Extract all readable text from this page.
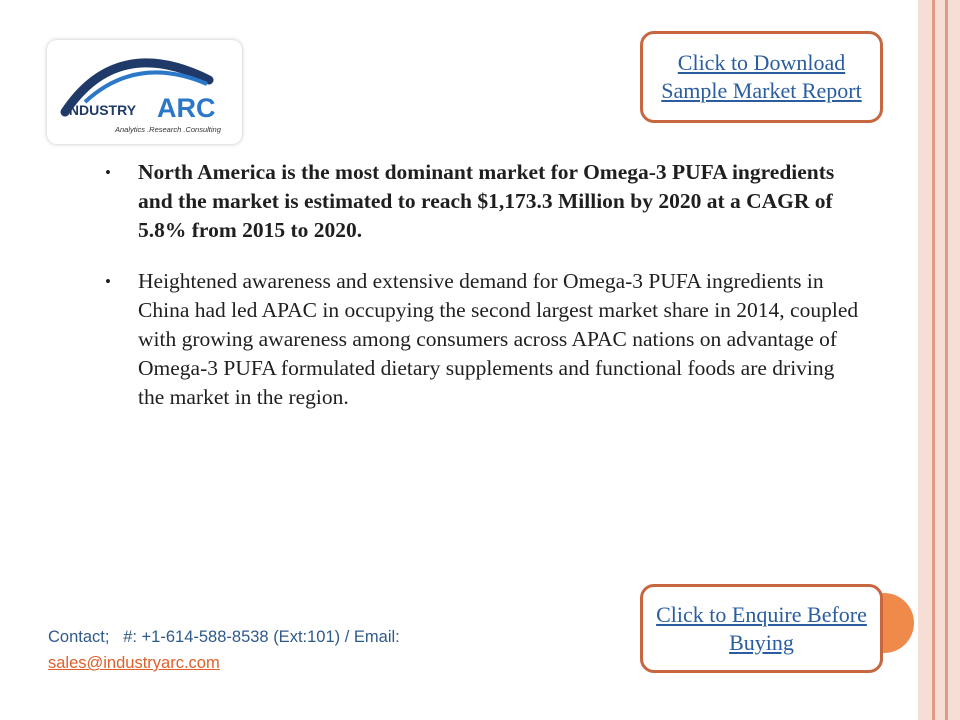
INDUSTRY ARC
Analytics .Research .Consulting
Click to Download Sample Market Report
•	North America is the most dominant market for Omega-3 PUFA ingredients and the market is estimated to reach $1,173.3 Million by 2020 at a CAGR of 5.8% from 2015 to 2020.
•	Heightened awareness and extensive demand for Omega-3 PUFA ingredients in China had led APAC in occupying the second largest market share in 2014, coupled with growing awareness among consumers across APAC nations on advantage of Omega-3 PUFA formulated dietary supplements and functional foods are driving the market in the region.
Contact;   #: +1-614-588-8538 (Ext:101) / Email:
sales@industryarc.com
Click to Enquire Before Buying
